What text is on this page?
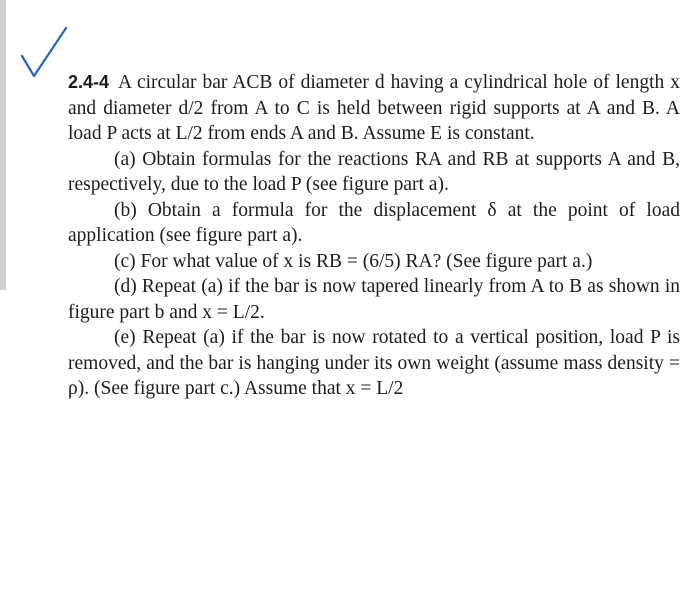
2.4-4 A circular bar ACB of diameter d having a cylindrical hole of length x and diameter d/2 from A to C is held between rigid supports at A and B. A load P acts at L/2 from ends A and B. Assume E is constant.

(a) Obtain formulas for the reactions RA and RB at supports A and B, respectively, due to the load P (see figure part a).

(b) Obtain a formula for the displacement δ at the point of load application (see figure part a).

(c) For what value of x is RB = (6/5) RA? (See figure part a.)

(d) Repeat (a) if the bar is now tapered linearly from A to B as shown in figure part b and x = L/2.

(e) Repeat (a) if the bar is now rotated to a vertical position, load P is removed, and the bar is hanging under its own weight (assume mass density = ρ). (See figure part c.) Assume that x = L/2
